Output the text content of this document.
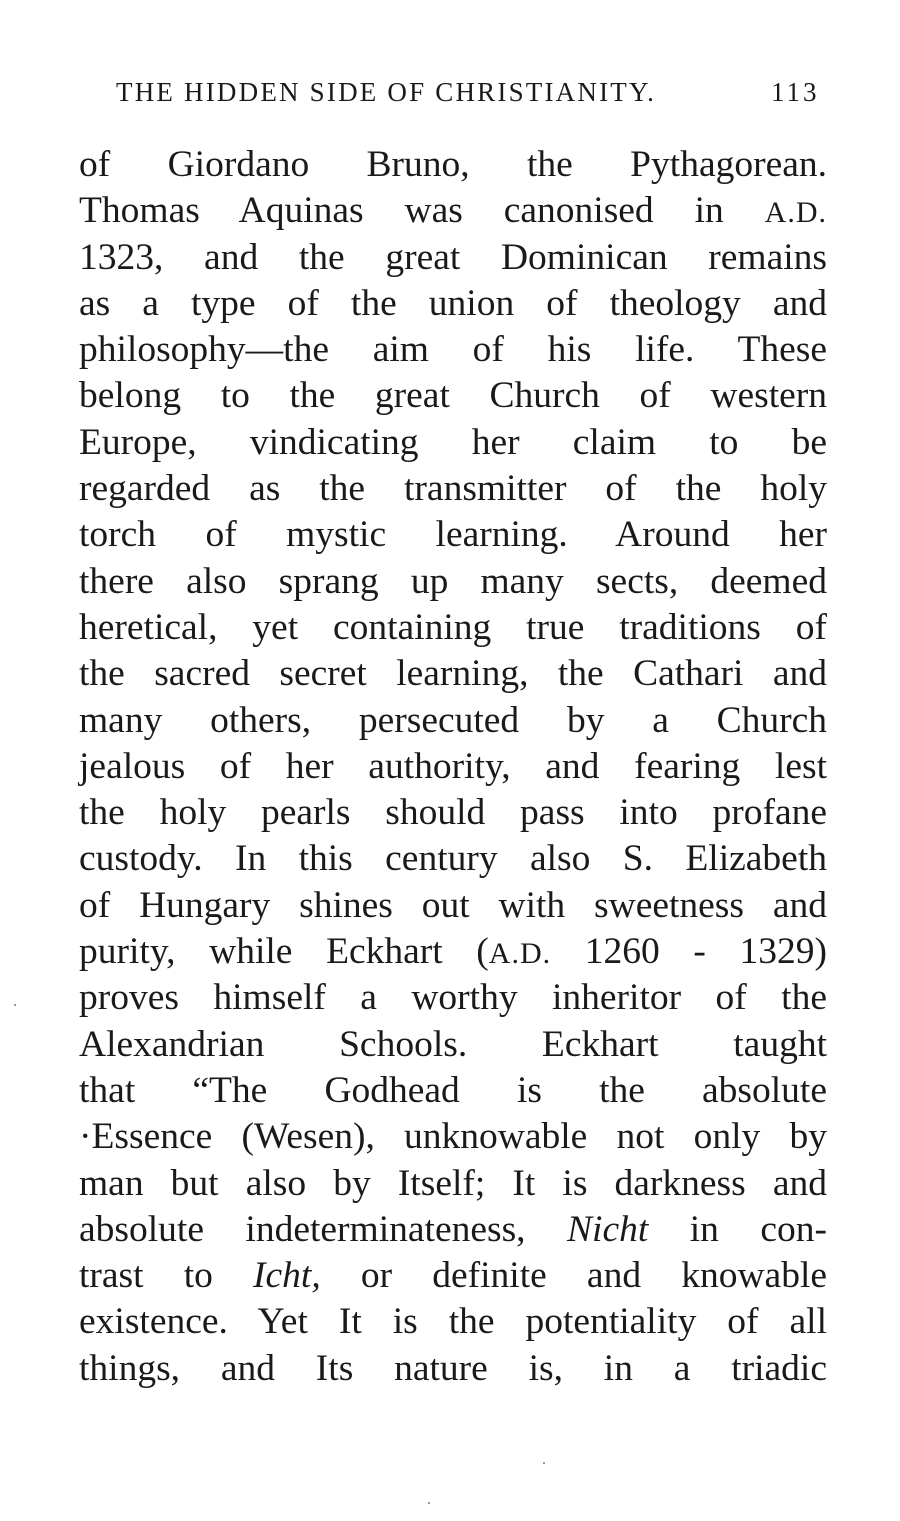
THE HIDDEN SIDE OF CHRISTIANITY.	113
of Giordano Bruno, the Pythagorean.
Thomas Aquinas was canonised in A.D.
1323, and the great Dominican remains
as a type of the union of theology and
philosophy—the aim of his life. These
belong to the great Church of western
Europe, vindicating her claim to be
regarded as the transmitter of the holy
torch of mystic learning. Around her
there also sprang up many sects, deemed
heretical, yet containing true traditions of
the sacred secret learning, the Cathari and
many others, persecuted by a Church
jealous of her authority, and fearing lest
the holy pearls should pass into profane
custody. In this century also S. Elizabeth
of Hungary shines out with sweetness and
purity, while Eckhart (A.D. 1260 - 1329)
proves himself a worthy inheritor of the
Alexandrian Schools. Eckhart taught
that “The Godhead is the absolute
·Essence (Wesen), unknowable not only by
man but also by Itself; It is darkness and
absolute indeterminateness, Nicht in con-
trast to Icht, or definite and knowable
existence. Yet It is the potentiality of all
things, and Its nature is, in a triadic
